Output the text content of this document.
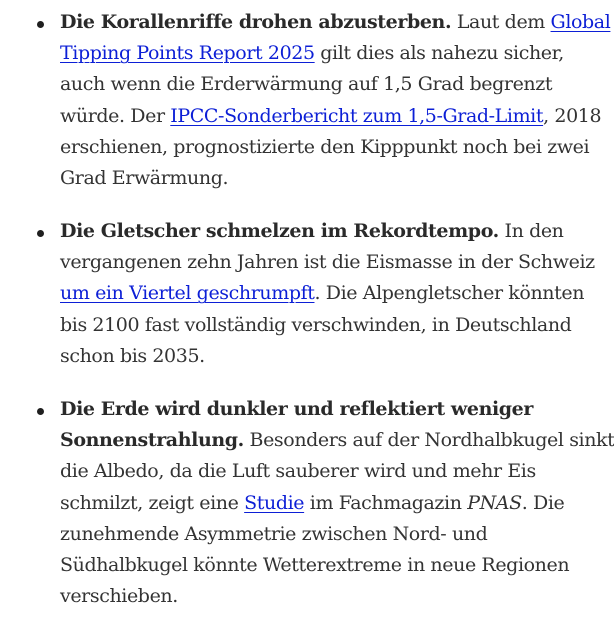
Die Korallenriffe drohen abzusterben. Laut dem Global
Tipping Points Report 2025 gilt dies als nahezu sicher,
auch wenn die Erderwärmung auf 1,5 Grad begrenzt
würde. Der IPCC-Sonderbericht zum 1,5-Grad-Limit, 2018
erschienen, prognostizierte den Kipppunkt noch bei zwei
Grad Erwärmung.
Die Gletscher schmelzen im Rekordtempo. In den
vergangenen zehn Jahren ist die Eismasse in der Schweiz
um ein Viertel geschrumpft. Die Alpengletscher könnten
bis 2100 fast vollständig verschwinden, in Deutschland
schon bis 2035.
Die Erde wird dunkler und reflektiert weniger
Sonnenstrahlung. Besonders auf der Nordhalbkugel sinkt
die Albedo, da die Luft sauberer wird und mehr Eis
schmilzt, zeigt eine Studie im Fachmagazin PNAS. Die
zunehmende Asymmetrie zwischen Nord- und
Südhalbkugel könnte Wetterextreme in neue Regionen
verschieben.
